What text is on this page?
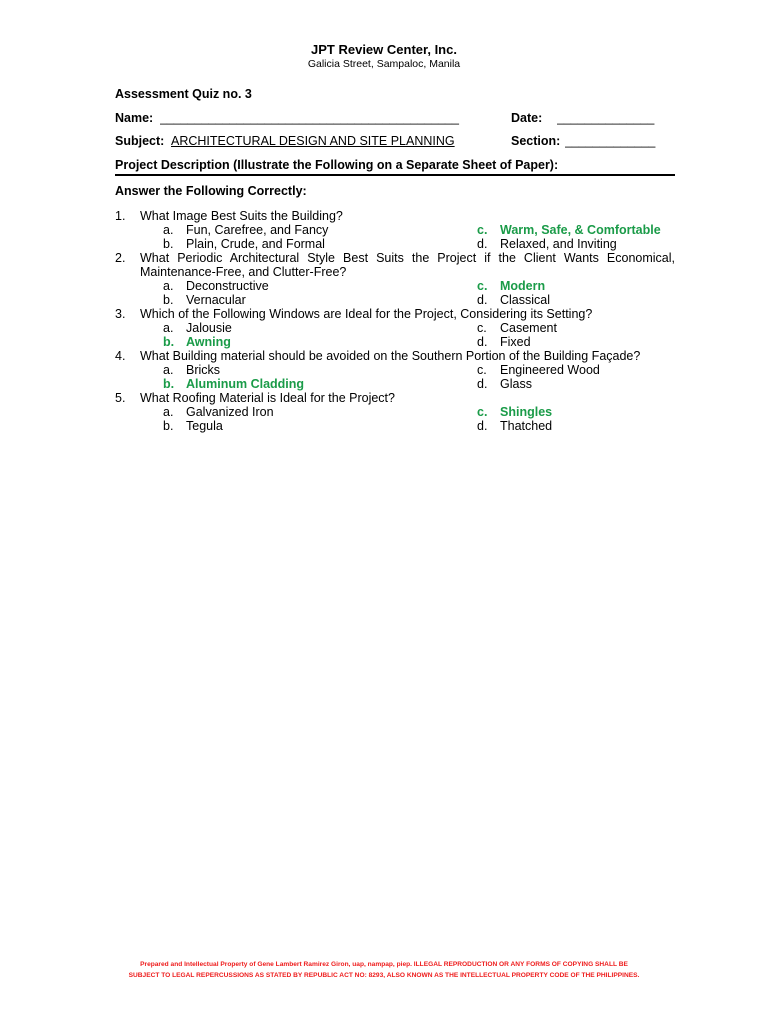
JPT Review Center, Inc.
Galicia Street, Sampaloc, Manila
Assessment Quiz no. 3
Name: ___________________________________________	Date: ______________
Subject: ARCHITECTURAL DESIGN AND SITE PLANNING	Section: _____________
Project Description (Illustrate the Following on a Separate Sheet of Paper):
Answer the Following Correctly:
1.	What Image Best Suits the Building?
a.	Fun, Carefree, and Fancy
b.	Plain, Crude, and Formal
c.	Warm, Safe, & Comfortable
d.	Relaxed, and Inviting
2.	What Periodic Architectural Style Best Suits the Project if the Client Wants Economical, Maintenance-Free, and Clutter-Free?
a.	Deconstructive
b.	Vernacular
c.	Modern
d.	Classical
3.	Which of the Following Windows are Ideal for the Project, Considering its Setting?
a.	Jalousie
b. Awning
c.	Casement
d.	Fixed
4.	What Building material should be avoided on the Southern Portion of the Building Façade?
a.	Bricks
b. Aluminum Cladding
c.	Engineered Wood
d.	Glass
5.	What Roofing Material is Ideal for the Project?
a.	Galvanized Iron
b.	Tegula
c.	Shingles
d.	Thatched
Prepared and Intellectual Property of Gene Lambert Ramirez Giron, uap, nampap, piep. ILLEGAL REPRODUCTION OR ANY FORMS OF COPYING SHALL BE
SUBJECT TO LEGAL REPERCUSSIONS AS STATED BY REPUBLIC ACT NO: 8293, ALSO KNOWN AS THE INTELLECTUAL PROPERTY CODE OF THE PHILIPPINES.
